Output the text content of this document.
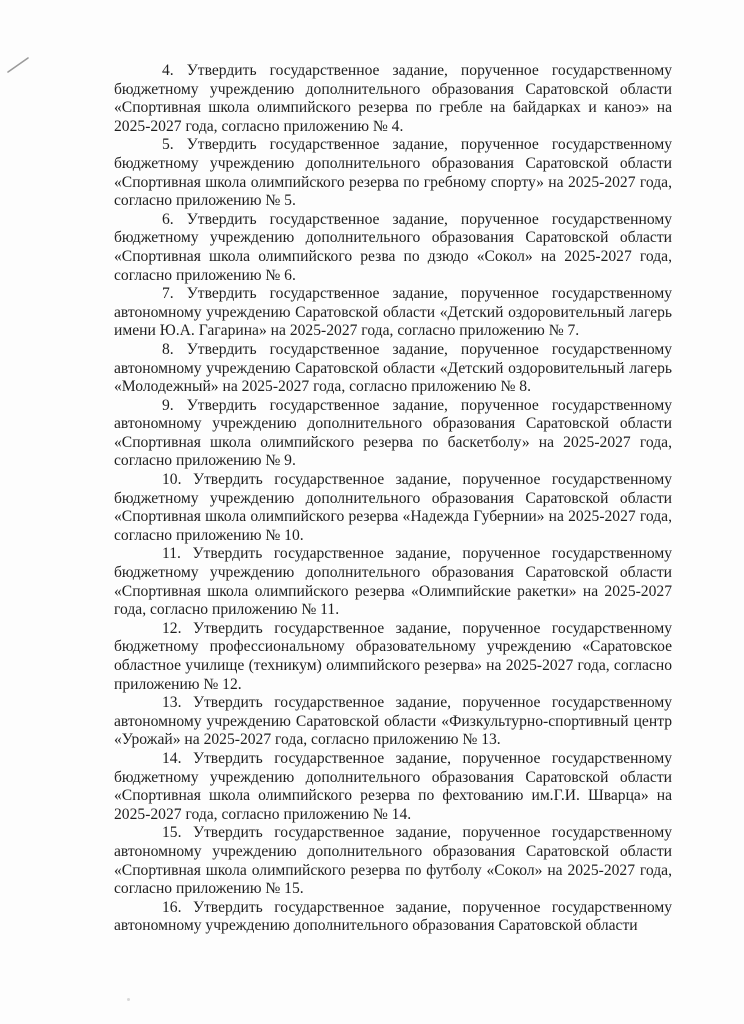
4. Утвердить государственное задание, порученное государственному бюджетному учреждению дополнительного образования Саратовской области «Спортивная школа олимпийского резерва по гребле на байдарках и каноэ» на 2025-2027 года, согласно приложению № 4.

5. Утвердить государственное задание, порученное государственному бюджетному учреждению дополнительного образования Саратовской области «Спортивная школа олимпийского резерва по гребному спорту» на 2025-2027 года, согласно приложению № 5.

6. Утвердить государственное задание, порученное государственному бюджетному учреждению дополнительного образования Саратовской области «Спортивная школа олимпийского резва по дзюдо «Сокол» на 2025-2027 года, согласно приложению № 6.

7. Утвердить государственное задание, порученное государственному автономному учреждению Саратовской области «Детский оздоровительный лагерь имени Ю.А. Гагарина» на 2025-2027 года, согласно приложению № 7.

8. Утвердить государственное задание, порученное государственному автономному учреждению Саратовской области «Детский оздоровительный лагерь «Молодежный» на 2025-2027 года, согласно приложению № 8.

9. Утвердить государственное задание, порученное государственному автономному учреждению дополнительного образования Саратовской области «Спортивная школа олимпийского резерва по баскетболу» на 2025-2027 года, согласно приложению № 9.

10. Утвердить государственное задание, порученное государственному бюджетному учреждению дополнительного образования Саратовской области «Спортивная школа олимпийского резерва «Надежда Губернии» на 2025-2027 года, согласно приложению № 10.

11. Утвердить государственное задание, порученное государственному бюджетному учреждению дополнительного образования Саратовской области «Спортивная школа олимпийского резерва «Олимпийские ракетки» на 2025-2027 года, согласно приложению № 11.

12. Утвердить государственное задание, порученное государственному бюджетному профессиональному образовательному учреждению «Саратовское областное училище (техникум) олимпийского резерва» на 2025-2027 года, согласно приложению № 12.

13. Утвердить государственное задание, порученное государственному автономному учреждению Саратовской области «Физкультурно-спортивный центр «Урожай» на 2025-2027 года, согласно приложению № 13.

14. Утвердить государственное задание, порученное государственному бюджетному учреждению дополнительного образования Саратовской области «Спортивная школа олимпийского резерва по фехтованию им.Г.И. Шварца» на 2025-2027 года, согласно приложению № 14.

15. Утвердить государственное задание, порученное государственному автономному учреждению дополнительного образования Саратовской области «Спортивная школа олимпийского резерва по футболу «Сокол» на 2025-2027 года, согласно приложению № 15.

16. Утвердить государственное задание, порученное государственному автономному учреждению дополнительного образования Саратовской области
